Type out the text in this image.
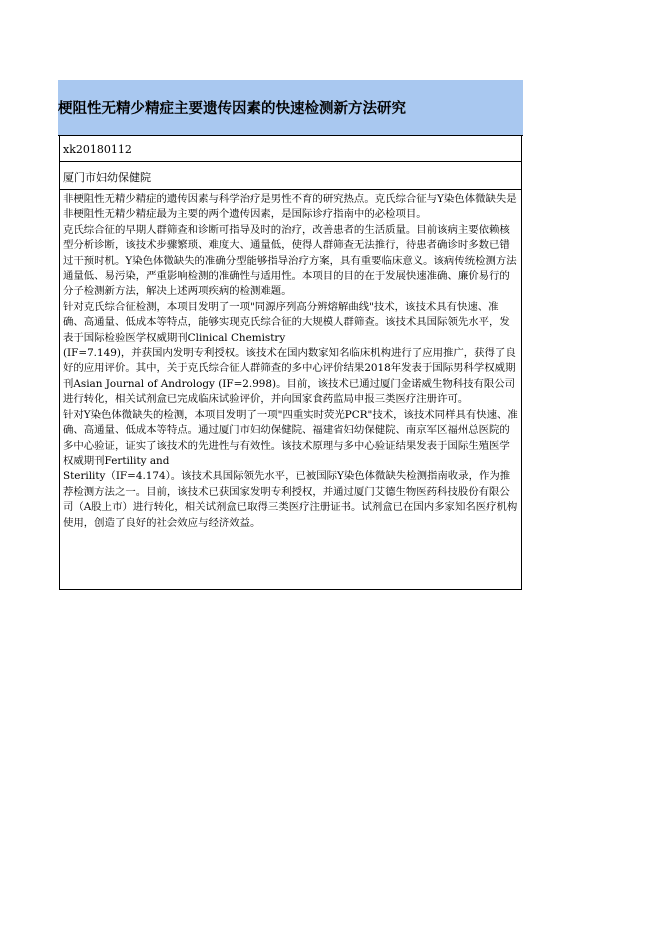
梗阻性无精少精症主要遗传因素的快速检测新方法研究
xk20180112
厦门市妇幼保健院

非梗阻性无精少精症的遗传因素与科学治疗是男性不育的研究热点。克氏综合征与Y染色体微缺失是非梗阻性无精少精症最为主要的两个遗传因素，是国际诊疗指南中的必检项目。

克氏综合征的早期人群筛查和诊断可指导及时的治疗，改善患者的生活质量。目前该病主要依赖核型分析诊断，该技术步骤繁琐、难度大、通量低，使得人群筛查无法推行，待患者确诊时多数已错过干预时机。Y染色体微缺失的准确分型能够指导治疗方案，具有重要临床意义。该病传统检测方法通量低、易污染，严重影响检测的准确性与适用性。本项目的目的在于发展快速准确、廉价易行的分子检测新方法，解决上述两项疾病的检测难题。

针对克氏综合征检测，本项目发明了一项"同源序列高分辨熔解曲线"技术，该技术具有快速、准确、高通量、低成本等特点，能够实现克氏综合征的大规模人群筛查。该技术具国际领先水平，发表于国际检验医学权威期刊Clinical Chemistry
(IF=7.149)，并获国内发明专利授权。该技术在国内数家知名临床机构进行了应用推广，获得了良好的应用评价。其中，关于克氏综合征人群筛查的多中心评价结果2018年发表于国际男科学权威期刊Asian Journal of Andrology (IF=2.998)。目前，该技术已通过厦门金诺威生物科技有限公司进行转化，相关试剂盒已完成临床试验评价，并向国家食药监局申报三类医疗注册许可。

针对Y染色体微缺失的检测，本项目发明了一项"四重实时荧光PCR"技术，该技术同样具有快速、准确、高通量、低成本等特点。通过厦门市妇幼保健院、福建省妇幼保健院、南京军区福州总医院的多中心验证，证实了该技术的先进性与有效性。该技术原理与多中心验证结果发表于国际生殖医学权威期刊Fertility and
Sterility（IF=4.174）。该技术具国际领先水平，已被国际Y染色体微缺失检测指南收录，作为推荐检测方法之一。目前，该技术已获国家发明专利授权，并通过厦门艾德生物医药科技股份有限公司（A股上市）进行转化，相关试剂盒已取得三类医疗注册证书。试剂盒已在国内多家知名医疗机构使用，创造了良好的社会效应与经济效益。
